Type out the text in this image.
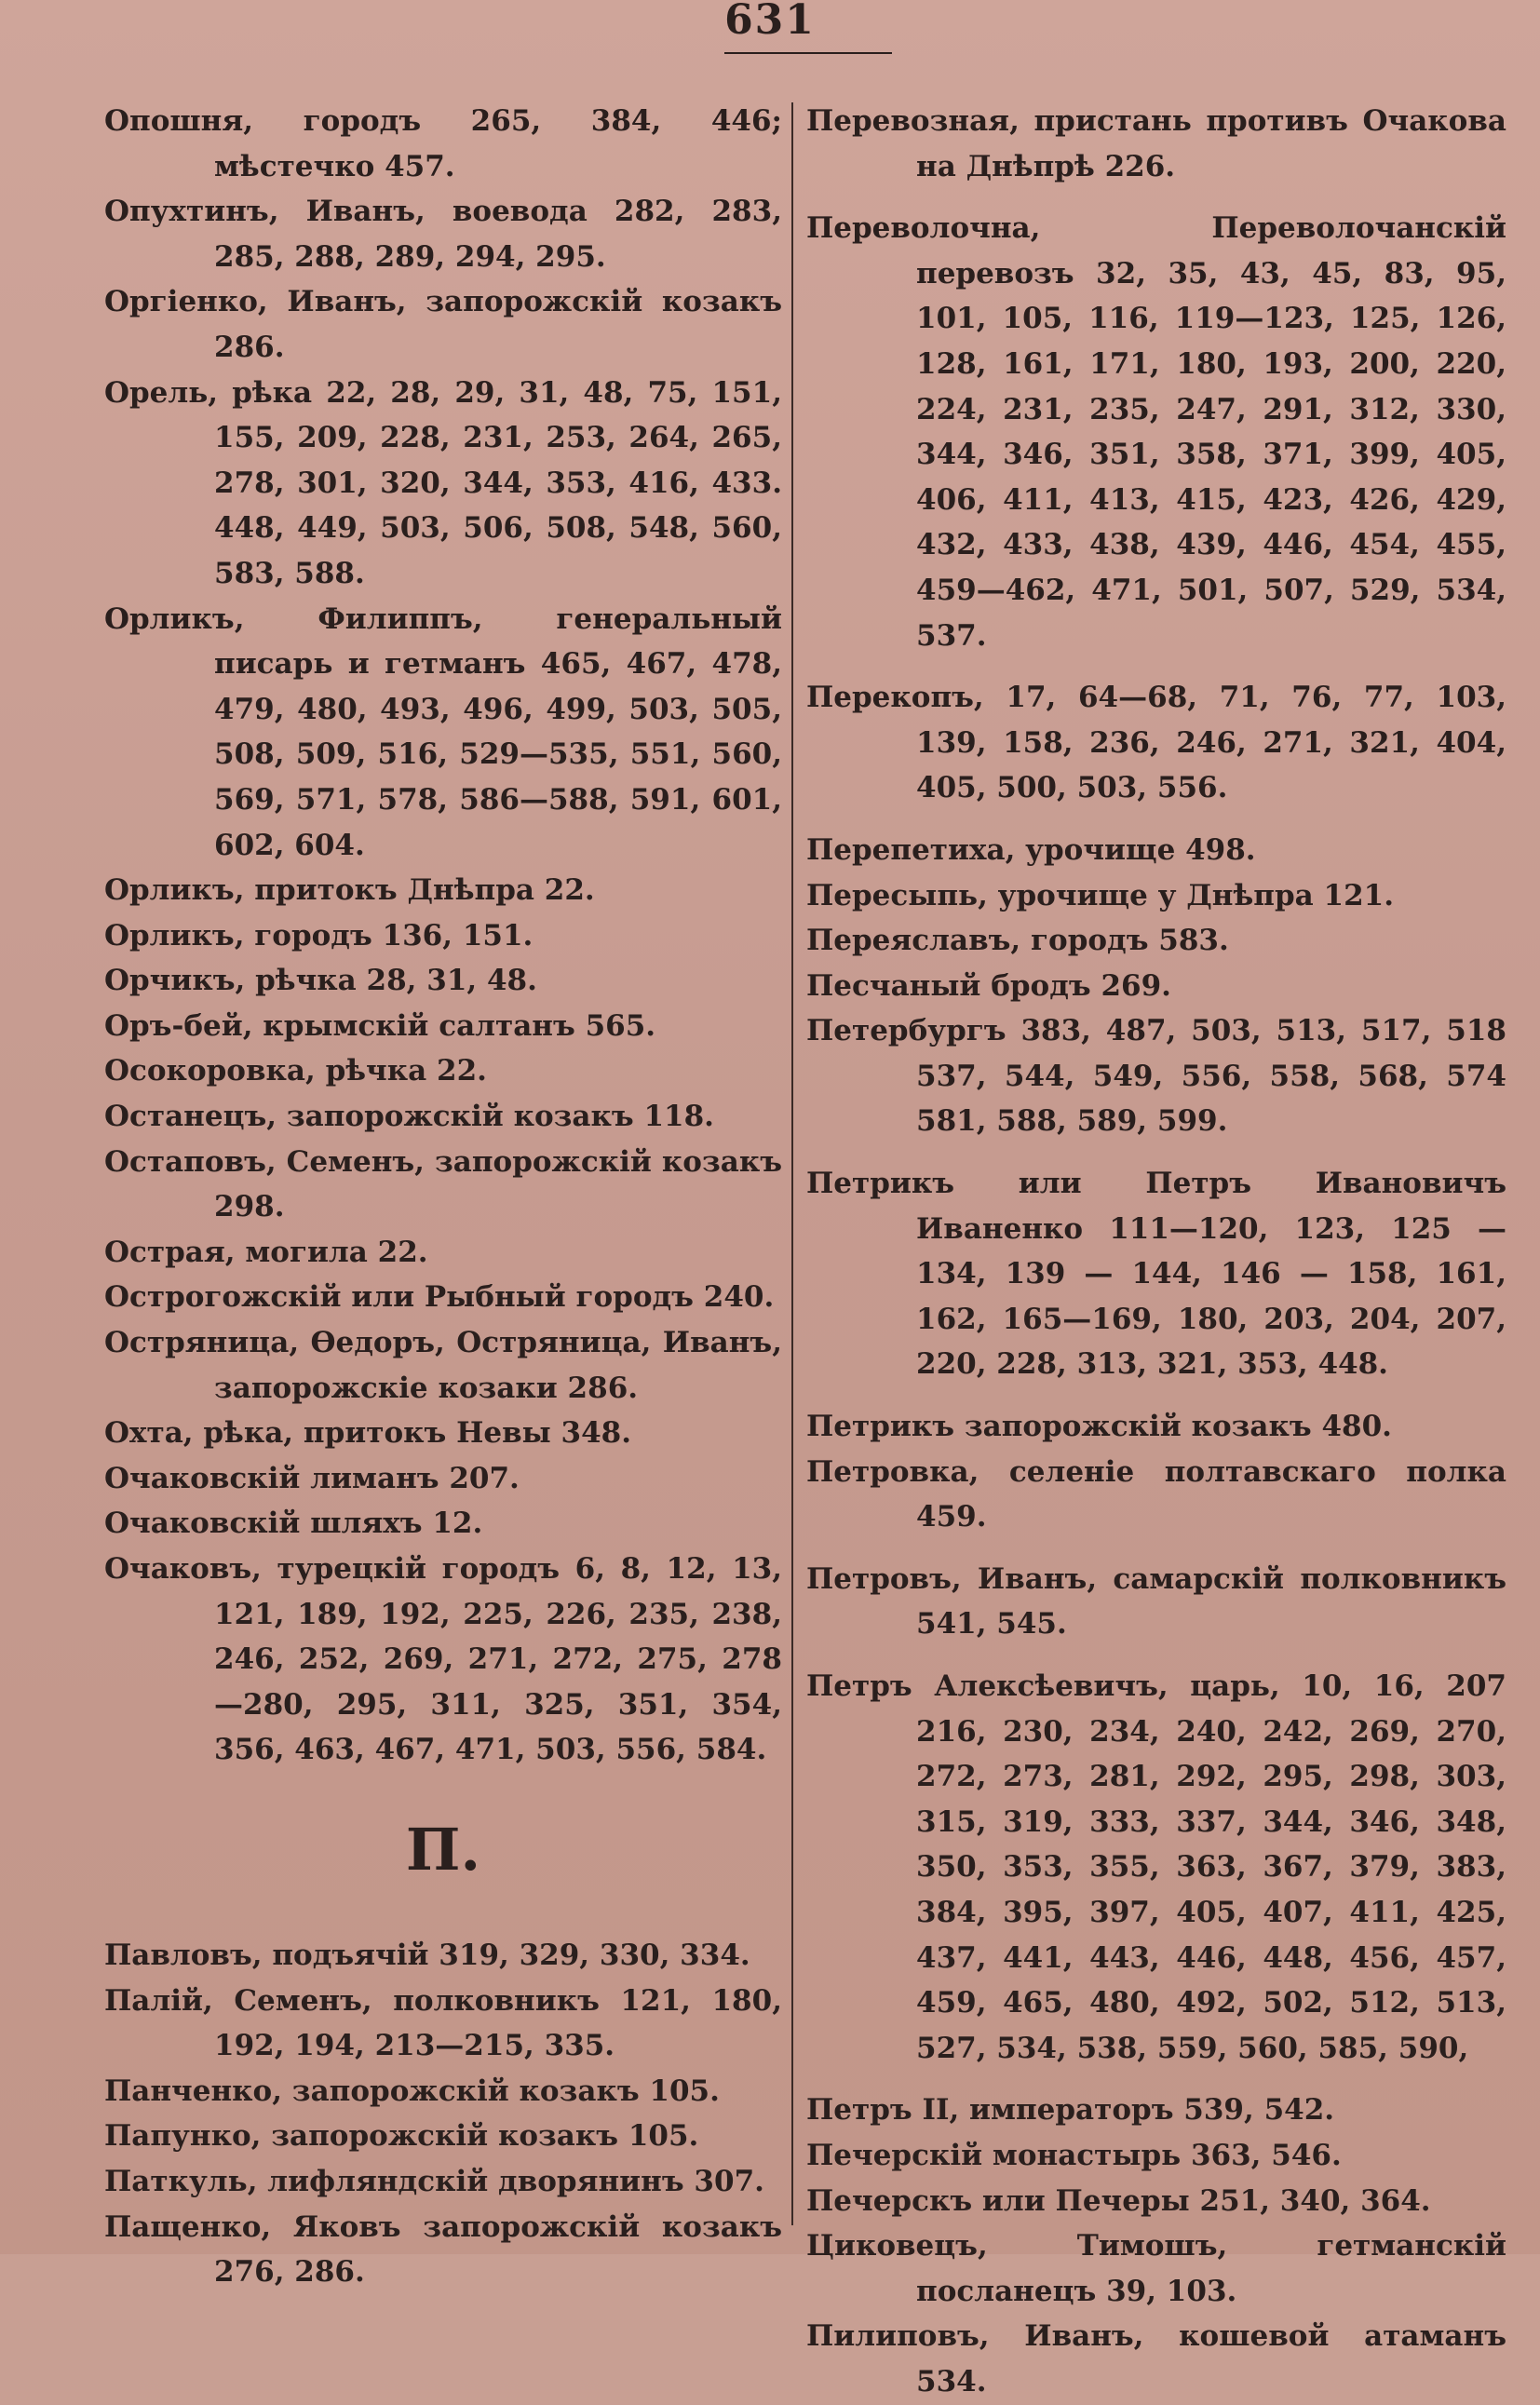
631
Опошня, городъ 265, 384, 446; мѣстечко 457.
Опухтинъ, Иванъ, воевода 282, 283, 285, 288, 289, 294, 295.
Оргіенко, Иванъ, запорожскій козакъ 286.
Орель, рѣка 22, 28, 29, 31, 48, 75, 151, 155, 209, 228, 231, 253, 264, 265, 278, 301, 320, 344, 353, 416, 433. 448, 449, 503, 506, 508, 548, 560, 583, 588.
Орликъ, Филиппъ, генеральный писарь и гетманъ 465, 467, 478, 479, 480, 493, 496, 499, 503, 505, 508, 509, 516, 529—535, 551, 560, 569, 571, 578, 586—588, 591, 601, 602, 604.
Орликъ, притокъ Днѣпра 22.
Орликъ, городъ 136, 151.
Орчикъ, рѣчка 28, 31, 48.
Оръ-бей, крымскій салтанъ 565.
Осокоровка, рѣчка 22.
Останецъ, запорожскій козакъ 118.
Остаповъ, Семенъ, запорожскій козакъ 298.
Острая, могила 22.
Острогожскій или Рыбный городъ 240.
Остряница, Ѳедоръ, Остряница, Иванъ, запорожскіе козаки 286.
Охта, рѣка, притокъ Невы 348.
Очаковскій лиманъ 207.
Очаковскій шляхъ 12.
Очаковъ, турецкій городъ 6, 8, 12, 13, 121, 189, 192, 225, 226, 235, 238, 246, 252, 269, 271, 272, 275, 278—280, 295, 311, 325, 351, 354, 356, 463, 467, 471, 503, 556, 584.
П.
Павловъ, подъячій 319, 329, 330, 334.
Палій, Семенъ, полковникъ 121, 180, 192, 194, 213—215, 335.
Панченко, запорожскій козакъ 105.
Папунко, запорожскій козакъ 105.
Паткуль, лифляндскій дворянинъ 307.
Пащенко, Яковъ запорожскій козакъ 276, 286.
Перевозная, пристань противъ Очакова на Днѣпрѣ 226.
Переволочна, Переволочанскій перевозъ 32, 35, 43, 45, 83, 95, 101, 105, 116, 119—123, 125, 126, 128, 161, 171, 180, 193, 200, 220, 224, 231, 235, 247, 291, 312, 330, 344, 346, 351, 358, 371, 399, 405, 406, 411, 413, 415, 423, 426, 429, 432, 433, 438, 439, 446, 454, 455, 459—462, 471, 501, 507, 529, 534, 537.
Перекопъ, 17, 64—68, 71, 76, 77, 103, 139, 158, 236, 246, 271, 321, 404, 405, 500, 503, 556.
Перепетиха, урочище 498.
Пересыпь, урочище у Днѣпра 121.
Переяславъ, городъ 583.
Песчаный бродъ 269.
Петербургъ 383, 487, 503, 513, 517, 518 537, 544, 549, 556, 558, 568, 574 581, 588, 589, 599.
Петрикъ или Петръ Ивановичъ Иваненко 111—120, 123, 125 — 134, 139 — 144, 146 — 158, 161, 162, 165—169, 180, 203, 204, 207, 220, 228, 313, 321, 353, 448.
Петрикъ запорожскій козакъ 480.
Петровка, селеніе полтавскаго полка 459.
Петровъ, Иванъ, самарскій полковникъ 541, 545.
Петръ Алексѣевичъ, царь, 10, 16, 207 216, 230, 234, 240, 242, 269, 270, 272, 273, 281, 292, 295, 298, 303, 315, 319, 333, 337, 344, 346, 348, 350, 353, 355, 363, 367, 379, 383, 384, 395, 397, 405, 407, 411, 425, 437, 441, 443, 446, 448, 456, 457, 459, 465, 480, 492, 502, 512, 513, 527, 534, 538, 559, 560, 585, 590,
Петръ II, императоръ 539, 542.
Печерскій монастырь 363, 546.
Печерскъ или Печеры 251, 340, 364.
Циковецъ, Тимошъ, гетманскій посланецъ 39, 103.
Пилиповъ, Иванъ, кошевой атаманъ 534.
